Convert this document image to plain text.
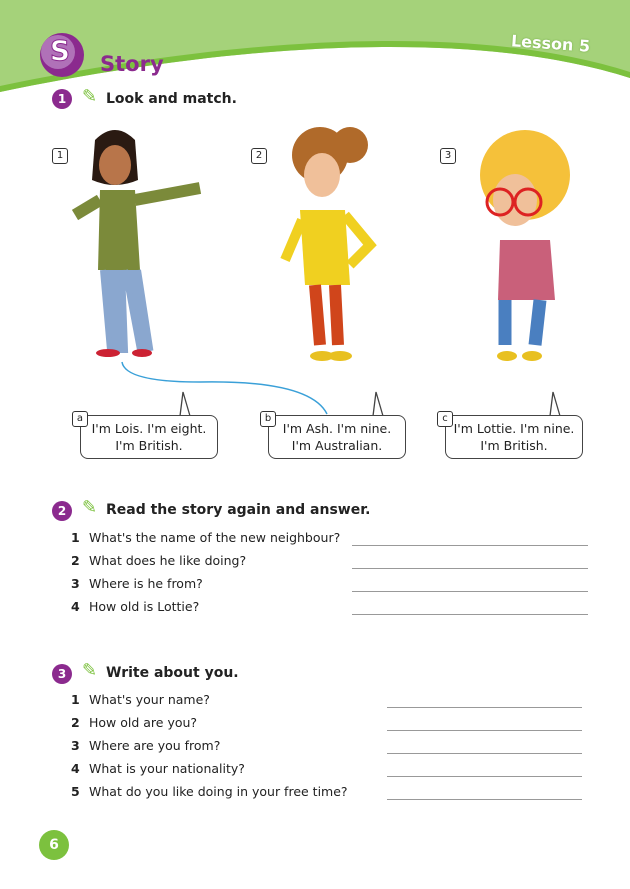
S Story
Lesson 5
1 ✎ Look and match.
1	2	3
I'm Lois. I'm eight.
I'm British.
I'm Ash. I'm nine.
I'm Australian.
I'm Lottie. I'm nine.
I'm British.
a	b	c
2 ✎ Read the story again and answer.
1 What's the name of the new neighbour?
2 What does he like doing?
3 Where is he from?
4 How old is Lottie?
3 ✎ Write about you.
1 What's your name?
2 How old are you?
3 Where are you from?
4 What is your nationality?
5 What do you like doing in your free time?
6
